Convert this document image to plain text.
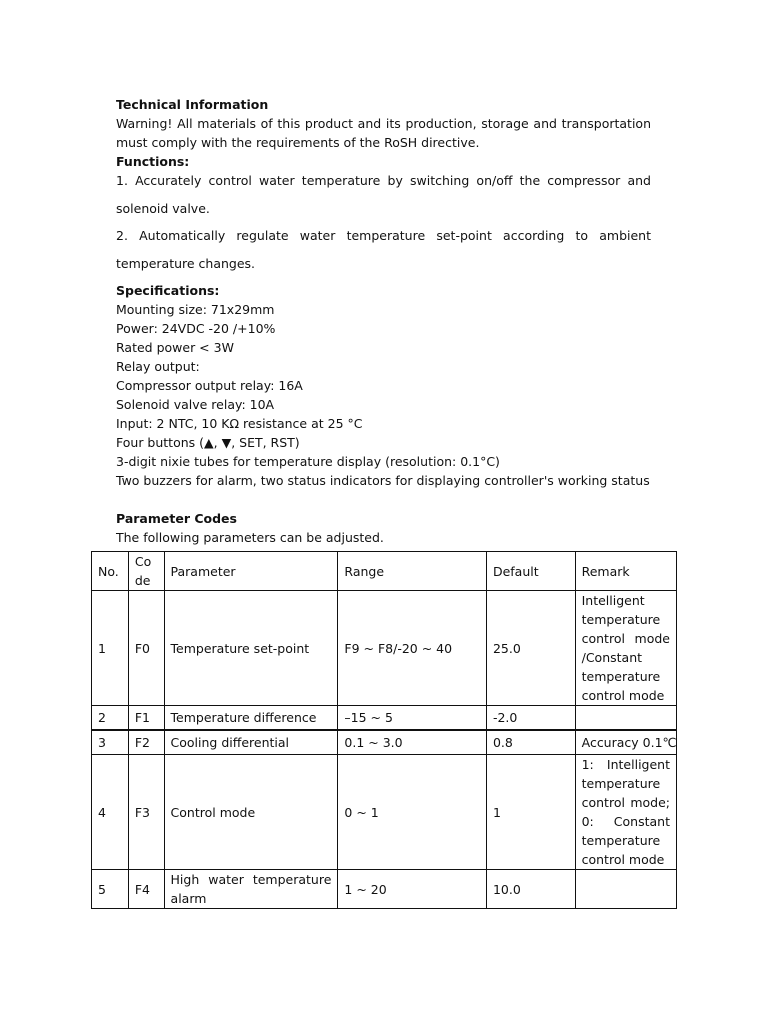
Technical Information

Warning! All materials of this product and its production, storage and transportation must comply with the requirements of the RoSH directive.

Functions:

1. Accurately control water temperature by switching on/off the compressor and solenoid valve.

2. Automatically regulate water temperature set-point according to ambient temperature changes.

Specifications:

Mounting size: 71x29mm

Power: 24VDC -20 /+10%

Rated power < 3W

Relay output:

Compressor output relay: 16A

Solenoid valve relay: 10A

Input: 2 NTC, 10 KΩ resistance at 25 °C

Four buttons (▲, ▼, SET, RST)

3-digit nixie tubes for temperature display (resolution: 0.1°C)

Two buzzers for alarm, two status indicators for displaying controller's working status

Parameter Codes

The following parameters can be adjusted.

No.	Code	Parameter	Range	Default	Remark
1	F0	Temperature set-point	F9 ~ F8/-20 ~ 40	25.0	Intelligent temperature control mode /Constant temperature control mode
2	F1	Temperature difference	–15 ~ 5	-2.0	
3	F2	Cooling differential	0.1 ~ 3.0	0.8	Accuracy 0.1℃
4	F3	Control mode	0 ~ 1	1	1: Intelligent temperature control mode; 0: Constant temperature control mode
5	F4	High water temperature alarm	1 ~ 20	10.0	
